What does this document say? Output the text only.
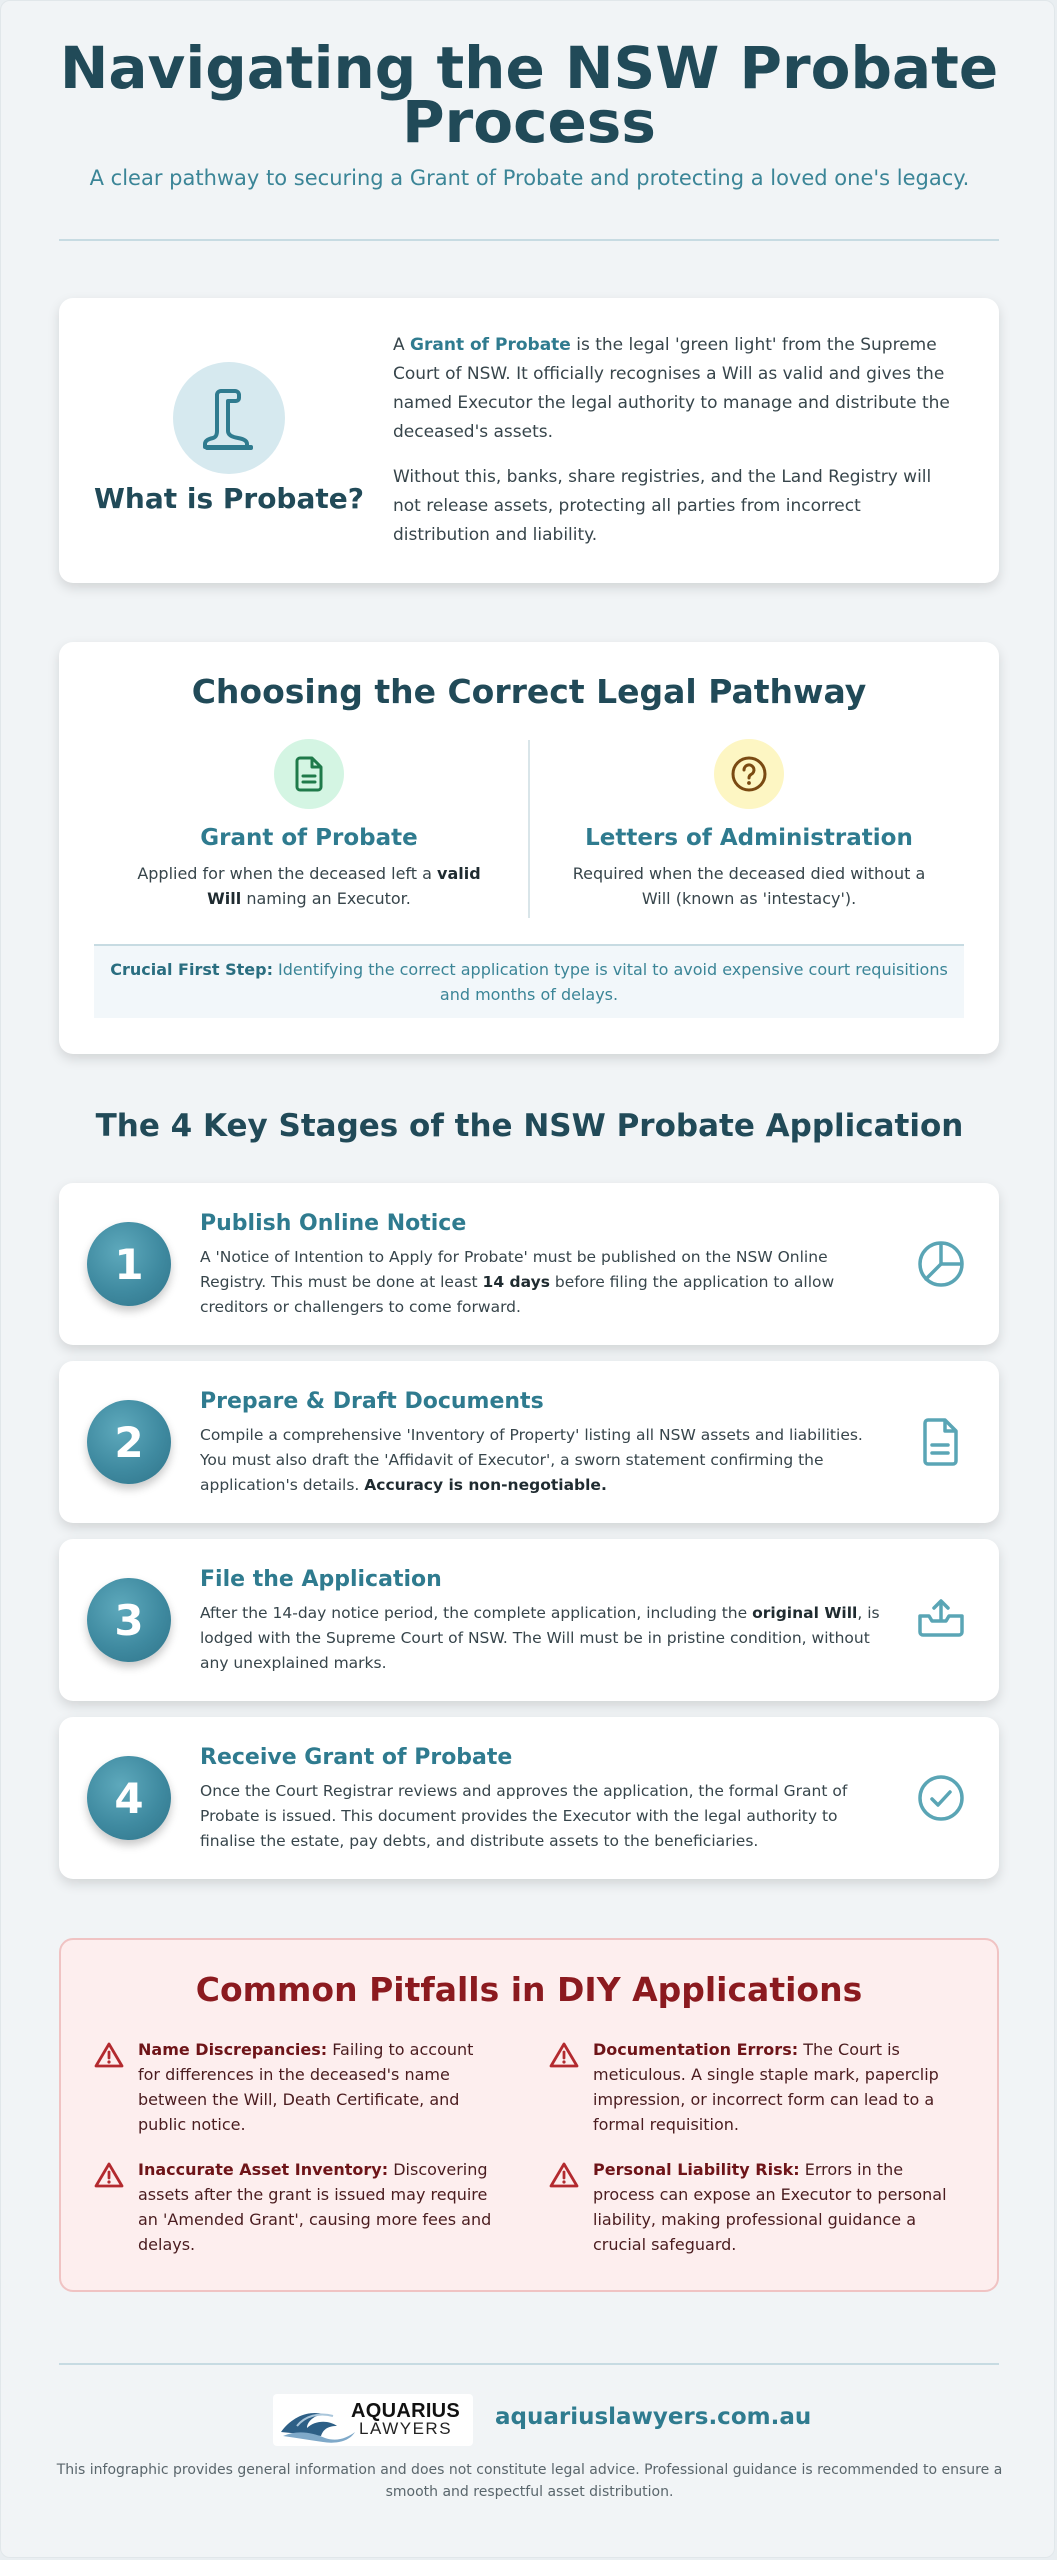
Navigating the NSW Probate Process
A clear pathway to securing a Grant of Probate and protecting a loved one's legacy.
What is Probate?

A Grant of Probate is the legal 'green light' from the Supreme Court of NSW. It officially recognises a Will as valid and gives the named Executor the legal authority to manage and distribute the deceased's assets.

Without this, banks, share registries, and the Land Registry will not release assets, protecting all parties from incorrect distribution and liability.

Choosing the Correct Legal Pathway
Grant of Probate
Applied for when the deceased left a valid Will naming an Executor.
Letters of Administration
Required when the deceased died without a Will (known as 'intestacy').
Crucial First Step: Identifying the correct application type is vital to avoid expensive court requisitions and months of delays.
The 4 Key Stages of the NSW Probate Application
1
Publish Online Notice
A 'Notice of Intention to Apply for Probate' must be published on the NSW Online Registry. This must be done at least 14 days before filing the application to allow creditors or challengers to come forward.
2
Prepare & Draft Documents
Compile a comprehensive 'Inventory of Property' listing all NSW assets and liabilities. You must also draft the 'Affidavit of Executor', a sworn statement confirming the application's details. Accuracy is non-negotiable.
3
File the Application
After the 14-day notice period, the complete application, including the original Will, is lodged with the Supreme Court of NSW. The Will must be in pristine condition, without any unexplained marks.
4
Receive Grant of Probate
Once the Court Registrar reviews and approves the application, the formal Grant of Probate is issued. This document provides the Executor with the legal authority to finalise the estate, pay debts, and distribute assets to the beneficiaries.
Common Pitfalls in DIY Applications
Name Discrepancies: Failing to account for differences in the deceased's name between the Will, Death Certificate, and public notice.
Documentation Errors: The Court is meticulous. A single staple mark, paperclip impression, or incorrect form can lead to a formal requisition.
Inaccurate Asset Inventory: Discovering assets after the grant is issued may require an 'Amended Grant', causing more fees and delays.
Personal Liability Risk: Errors in the process can expose an Executor to personal liability, making professional guidance a crucial safeguard.
AQUARIUS
LAWYERS	aquariuslawyers.com.au
This infographic provides general information and does not constitute legal advice. Professional guidance is recommended to ensure a smooth and respectful asset distribution.
